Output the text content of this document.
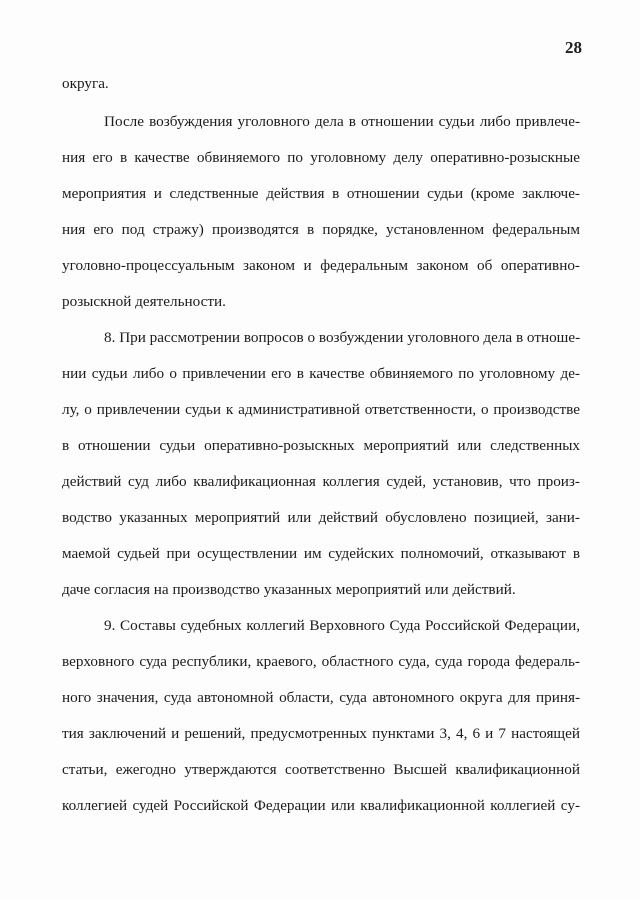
28
округа.
После возбуждения уголовного дела в отношении судьи либо привлече-
ния его в качестве обвиняемого по уголовному делу оперативно-розыскные
мероприятия и следственные действия в отношении судьи (кроме заключе-
ния его под стражу) производятся в порядке, установленном федеральным
уголовно-процессуальным законом и федеральным законом об оперативно-
розыскной деятельности.
8. При рассмотрении вопросов о возбуждении уголовного дела в отноше-
нии судьи либо о привлечении его в качестве обвиняемого по уголовному де-
лу, о привлечении судьи к административной ответственности, о производстве
в отношении судьи оперативно-розыскных мероприятий или следственных
действий суд либо квалификационная коллегия судей, установив, что произ-
водство указанных мероприятий или действий обусловлено позицией, зани-
маемой судьей при осуществлении им судейских полномочий, отказывают в
даче согласия на производство указанных мероприятий или действий.
9. Составы судебных коллегий Верховного Суда Российской Федерации,
верховного суда республики, краевого, областного суда, суда города федераль-
ного значения, суда автономной области, суда автономного округа для приня-
тия заключений и решений, предусмотренных пунктами 3, 4, 6 и 7 настоящей
статьи, ежегодно утверждаются соответственно Высшей квалификационной
коллегией судей Российской Федерации или квалификационной коллегией су-
